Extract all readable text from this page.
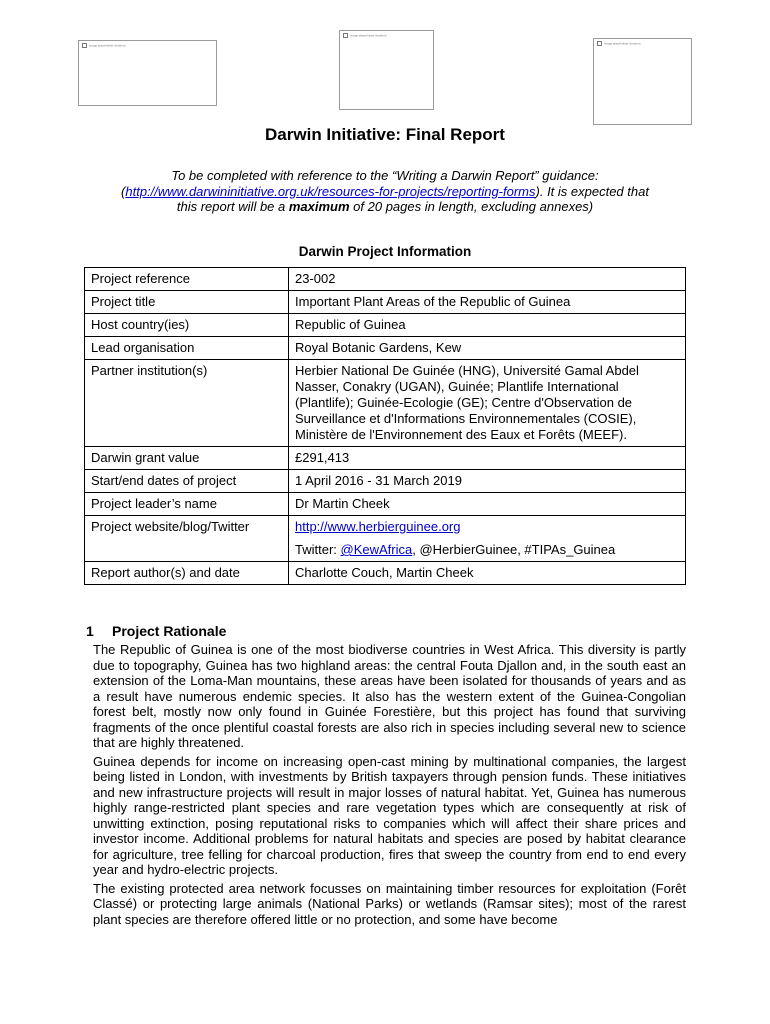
image placeholder (broken)
image placeholder (broken)
image placeholder (broken)
Darwin Initiative: Final Report
To be completed with reference to the “Writing a Darwin Report” guidance:
(http://www.darwininitiative.org.uk/resources-for-projects/reporting-forms). It is expected that
this report will be a maximum of 20 pages in length, excluding annexes)
Darwin Project Information
Project reference	23-002
Project title	Important Plant Areas of the Republic of Guinea
Host country(ies)	Republic of Guinea
Lead organisation	Royal Botanic Gardens, Kew
Partner institution(s)	Herbier National De Guinée (HNG), Université Gamal Abdel Nasser, Conakry (UGAN), Guinée; Plantlife International (Plantlife); Guinée-Ecologie (GE); Centre d'Observation de Surveillance et d'Informations Environnementales (COSIE), Ministère de l'Environnement des Eaux et Forêts (MEEF).
Darwin grant value	£291,413
Start/end dates of project	1 April 2016 - 31 March 2019
Project leader’s name	Dr Martin Cheek
Project website/blog/Twitter	http://www.herbierguinee.org
Twitter: @KewAfrica, @HerbierGuinee, #TIPAs_Guinea

Report author(s) and date	Charlotte Couch, Martin Cheek
1 Project Rationale

The Republic of Guinea is one of the most biodiverse countries in West Africa. This diversity is partly due to topography, Guinea has two highland areas: the central Fouta Djallon and, in the south east an extension of the Loma-Man mountains, these areas have been isolated for thousands of years and as a result have numerous endemic species. It also has the western extent of the Guinea-Congolian forest belt, mostly now only found in Guinée Forestière, but this project has found that surviving fragments of the once plentiful coastal forests are also rich in species including several new to science that are highly threatened.

Guinea depends for income on increasing open-cast mining by multinational companies, the largest being listed in London, with investments by British taxpayers through pension funds. These initiatives and new infrastructure projects will result in major losses of natural habitat. Yet, Guinea has numerous highly range-restricted plant species and rare vegetation types which are consequently at risk of unwitting extinction, posing reputational risks to companies which will affect their share prices and investor income. Additional problems for natural habitats and species are posed by habitat clearance for agriculture, tree felling for charcoal production, fires that sweep the country from end to end every year and hydro-electric projects.

The existing protected area network focusses on maintaining timber resources for exploitation (Forêt Classé) or protecting large animals (National Parks) or wetlands (Ramsar sites); most of the rarest plant species are therefore offered little or no protection, and some have become
